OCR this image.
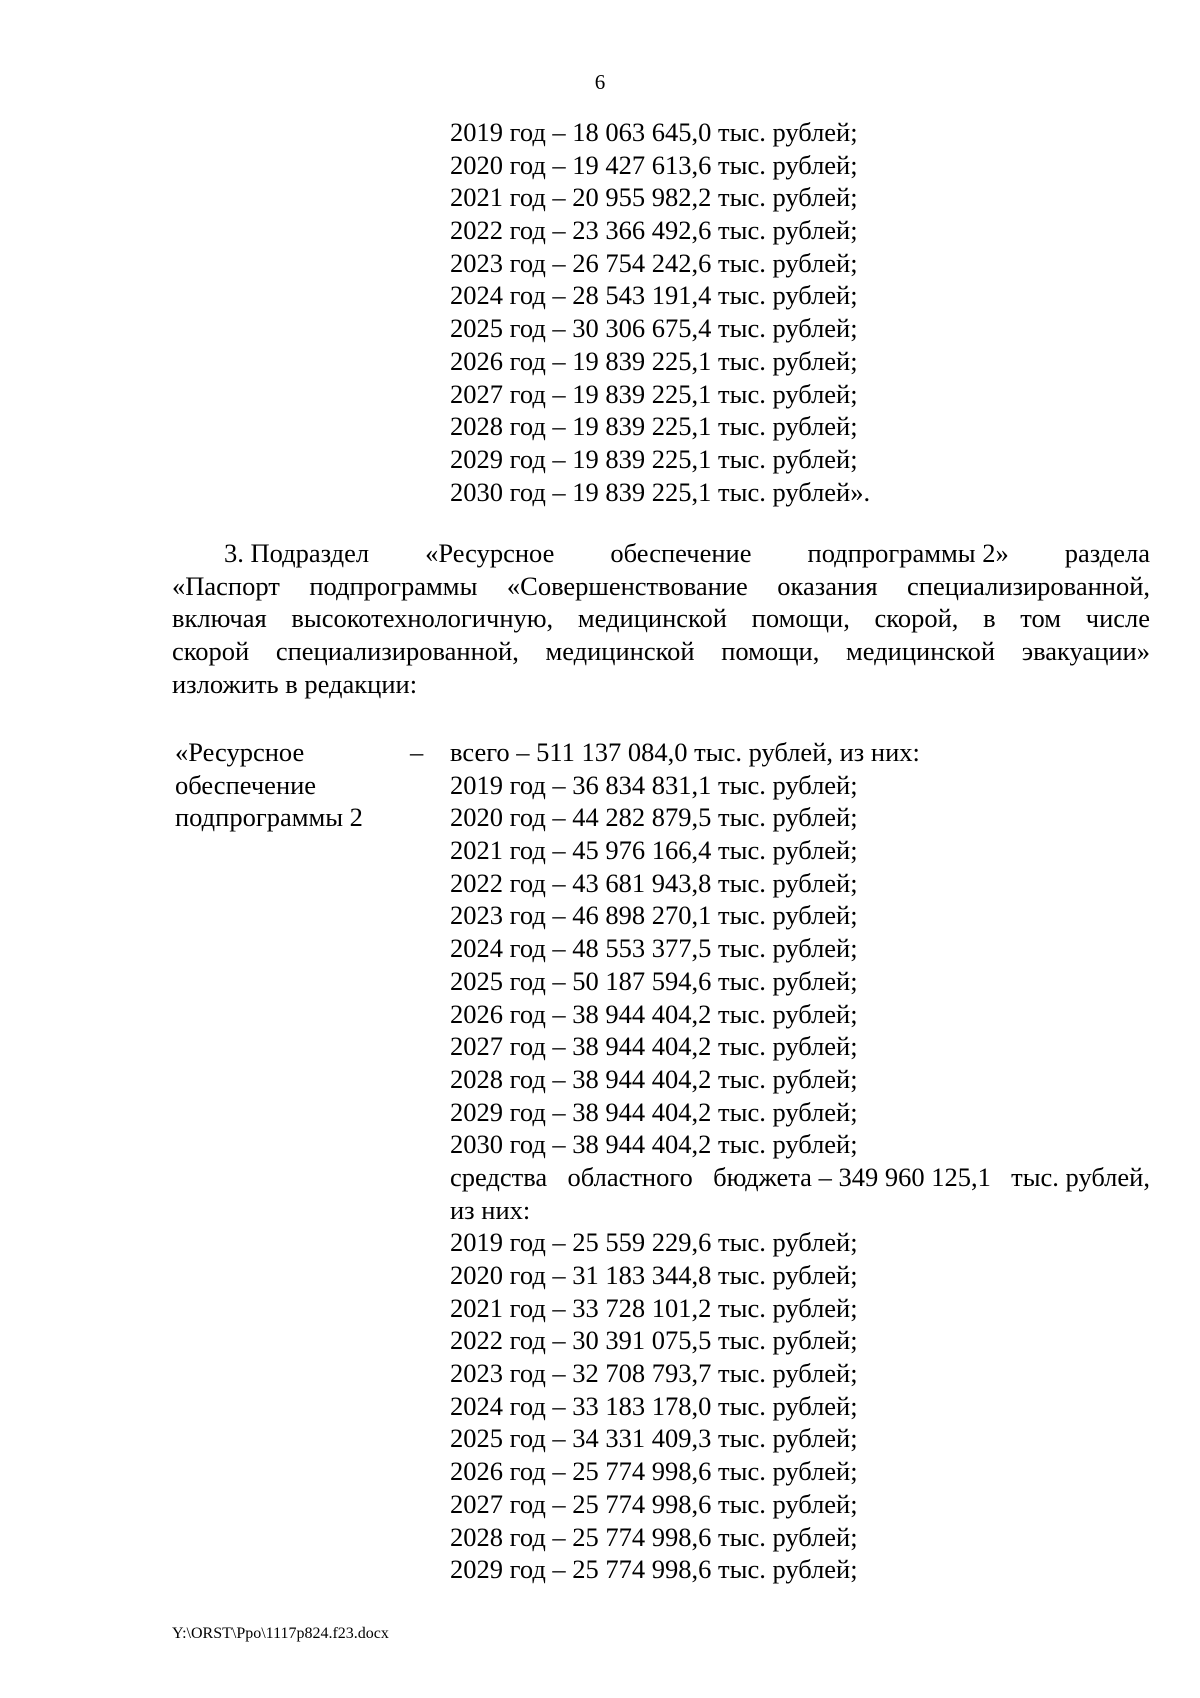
6
2019 год – 18 063 645,0 тыс. рублей;
2020 год – 19 427 613,6 тыс. рублей;
2021 год – 20 955 982,2 тыс. рублей;
2022 год – 23 366 492,6 тыс. рублей;
2023 год – 26 754 242,6 тыс. рублей;
2024 год – 28 543 191,4 тыс. рублей;
2025 год – 30 306 675,4 тыс. рублей;
2026 год – 19 839 225,1 тыс. рублей;
2027 год – 19 839 225,1 тыс. рублей;
2028 год – 19 839 225,1 тыс. рублей;
2029 год – 19 839 225,1 тыс. рублей;
2030 год – 19 839 225,1 тыс. рублей».
3. Подраздел «Ресурсное обеспечение подпрограммы 2» раздела
«Паспорт подпрограммы «Совершенствование оказания специализированной,
включая высокотехнологичную, медицинской помощи, скорой, в том числе
скорой специализированной, медицинской помощи, медицинской эвакуации»
изложить в редакции:
«Ресурсное
обеспечение
подпрограммы 2
– всего – 511 137 084,0 тыс. рублей, из них:
2019 год – 36 834 831,1 тыс. рублей;
2020 год – 44 282 879,5 тыс. рублей;
2021 год – 45 976 166,4 тыс. рублей;
2022 год – 43 681 943,8 тыс. рублей;
2023 год – 46 898 270,1 тыс. рублей;
2024 год – 48 553 377,5 тыс. рублей;
2025 год – 50 187 594,6 тыс. рублей;
2026 год – 38 944 404,2 тыс. рублей;
2027 год – 38 944 404,2 тыс. рублей;
2028 год – 38 944 404,2 тыс. рублей;
2029 год – 38 944 404,2 тыс. рублей;
2030 год – 38 944 404,2 тыс. рублей;
средства областного бюджета – 349 960 125,1 тыс. рублей,
из них:
2019 год – 25 559 229,6 тыс. рублей;
2020 год – 31 183 344,8 тыс. рублей;
2021 год – 33 728 101,2 тыс. рублей;
2022 год – 30 391 075,5 тыс. рублей;
2023 год – 32 708 793,7 тыс. рублей;
2024 год – 33 183 178,0 тыс. рублей;
2025 год – 34 331 409,3 тыс. рублей;
2026 год – 25 774 998,6 тыс. рублей;
2027 год – 25 774 998,6 тыс. рублей;
2028 год – 25 774 998,6 тыс. рублей;
2029 год – 25 774 998,6 тыс. рублей;
Y:\ORST\Ppo\1117p824.f23.docx
